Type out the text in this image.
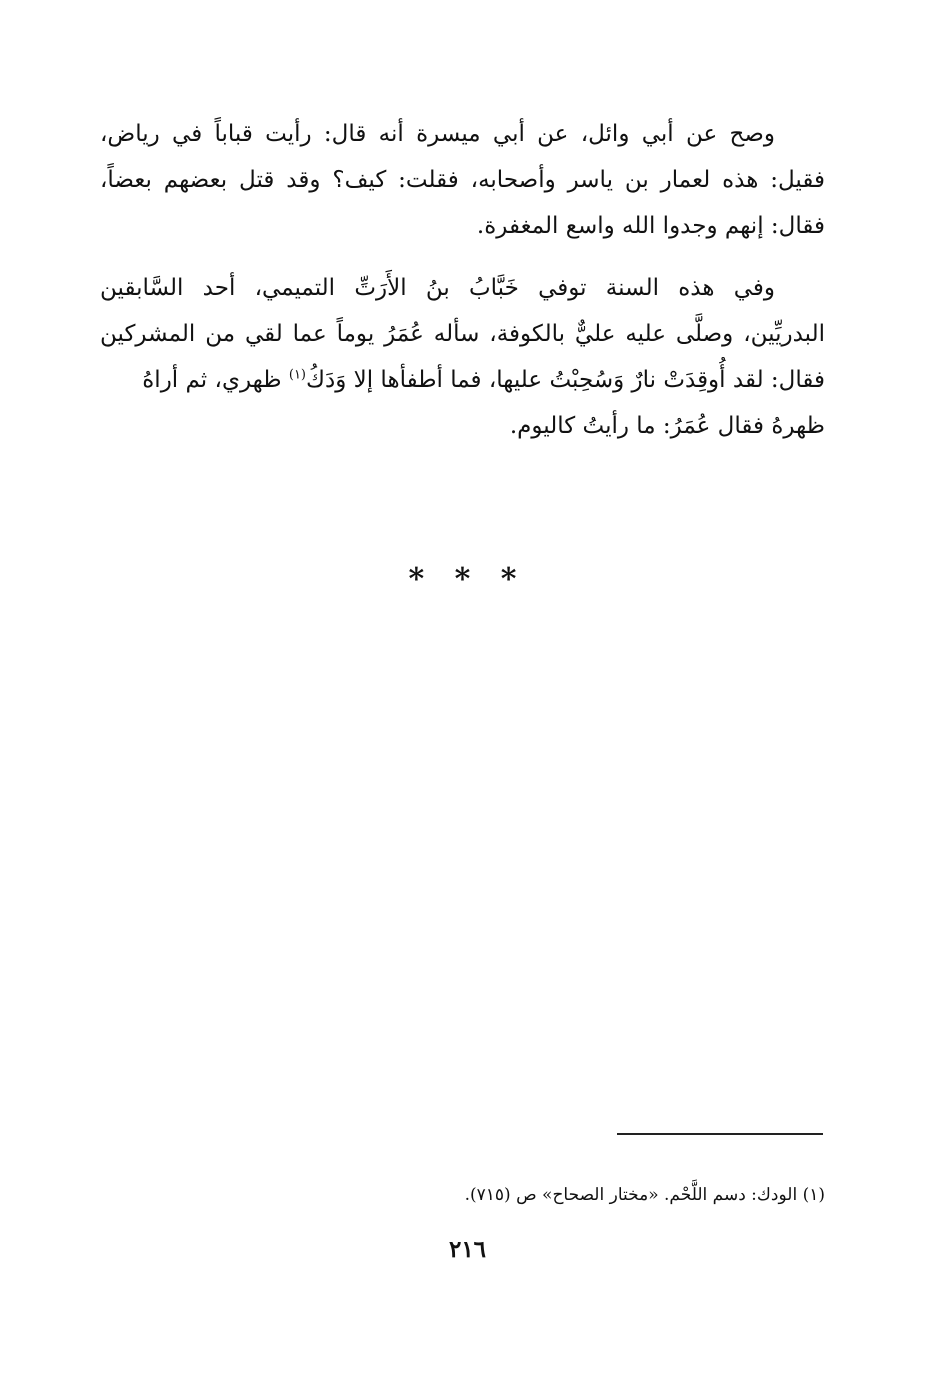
وصح عن أبي وائل، عن أبي ميسرة أنه قال: رأيت قباباً في رياض،
فقيل: هذه لعمار بن ياسر وأصحابه، فقلت: كيف؟ وقد قتل بعضهم بعضاً،
فقال: إنهم وجدوا الله واسع المغفرة.
وفي هذه السنة توفي خَبَّابُ بنُ الأَرَتِّ التميمي، أحد السَّابقين
البدريِّين، وصلَّى عليه عليٌّ بالكوفة، سأله عُمَرُ يوماً عما لقي من المشركين
فقال: لقد أُوقِدَتْ نارٌ وَسُحِبْتُ عليها، فما أطفأها إلا وَدَكُ$^{(١)}$ ظهري، ثم أراهُ
ظهرهُ فقال عُمَرُ: ما رأيتُ كاليوم.
* * *
(١) الودك: دسم اللَّحْم. «مختار الصحاح» ص (٧١٥).
٢١٦
